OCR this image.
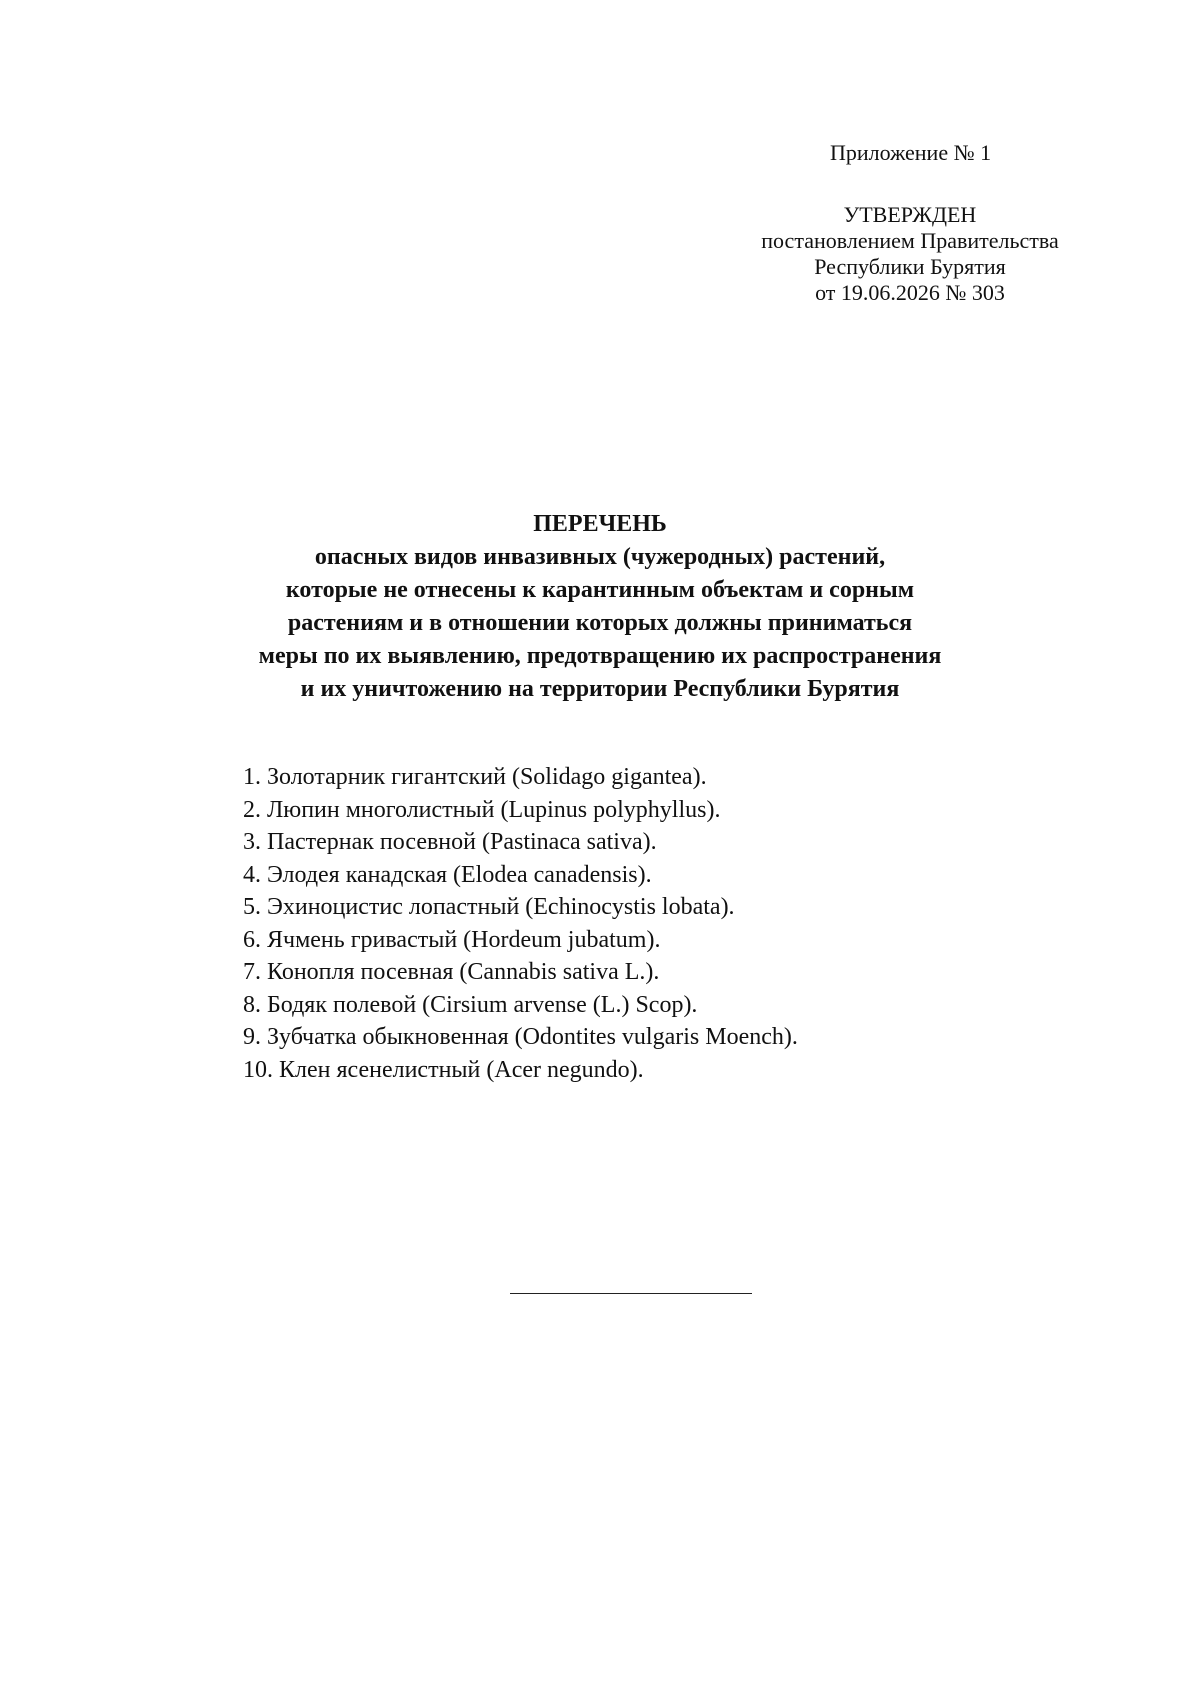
Приложение № 1
УТВЕРЖДЕН
постановлением Правительства
Республики Бурятия
от 19.06.2026 № 303
ПЕРЕЧЕНЬ
опасных видов инвазивных (чужеродных) растений,
которые не отнесены к карантинным объектам и сорным
растениям и в отношении которых должны приниматься
меры по их выявлению, предотвращению их распространения
и их уничтожению на территории Республики Бурятия
1. Золотарник гигантский (Solidago gigantea).
2. Люпин многолистный (Lupinus polyphyllus).
3. Пастернак посевной (Pastinaca sativa).
4. Элодея канадская (Elodea canadensis).
5. Эхиноцистис лопастный (Echinocystis lobata).
6. Ячмень гривастый (Hordeum jubatum).
7. Конопля посевная (Cannabis sativa L.).
8. Бодяк полевой (Cirsium arvense (L.) Scop).
9. Зубчатка обыкновенная (Odontites vulgaris Moench).
10. Клен ясенелистный (Acer negundo).
